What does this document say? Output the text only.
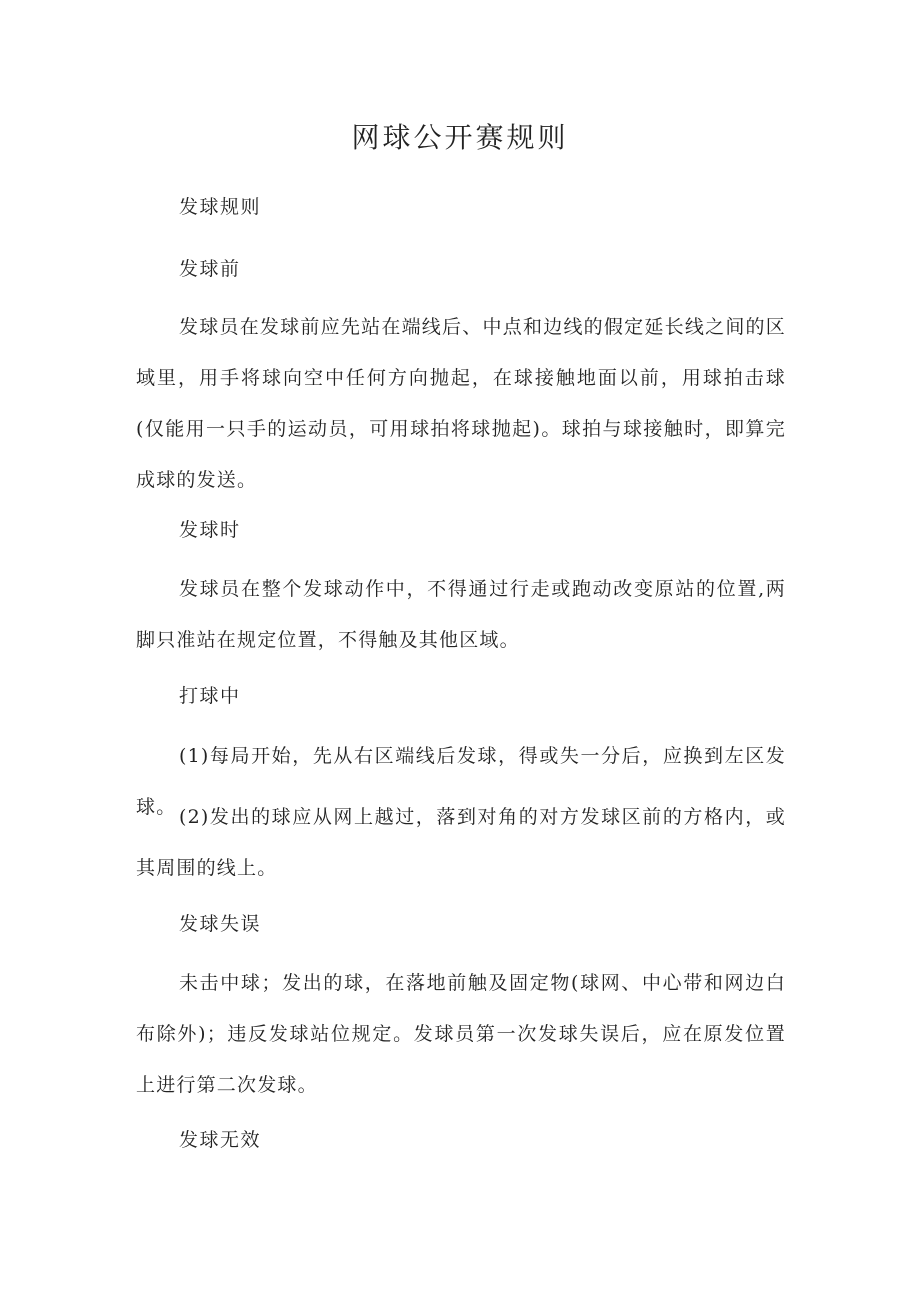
网球公开赛规则

发球规则

发球前

发球员在发球前应先站在端线后、中点和边线的假定延长线之间的区域里，用手将球向空中任何方向抛起，在球接触地面以前，用球拍击球(仅能用一只手的运动员，可用球拍将球抛起)。球拍与球接触时，即算完成球的发送。

发球时

发球员在整个发球动作中，不得通过行走或跑动改变原站的位置,两脚只准站在规定位置，不得触及其他区域。

打球中

(1)每局开始，先从右区端线后发球，得或失一分后，应换到左区发球。 (2)发出的球应从网上越过，落到对角的对方发球区前的方格内，或其周围的线上。

发球失误

未击中球；发出的球，在落地前触及固定物(球网、中心带和网边白布除外)；违反发球站位规定。发球员第一次发球失误后，应在原发位置上进行第二次发球。

发球无效
